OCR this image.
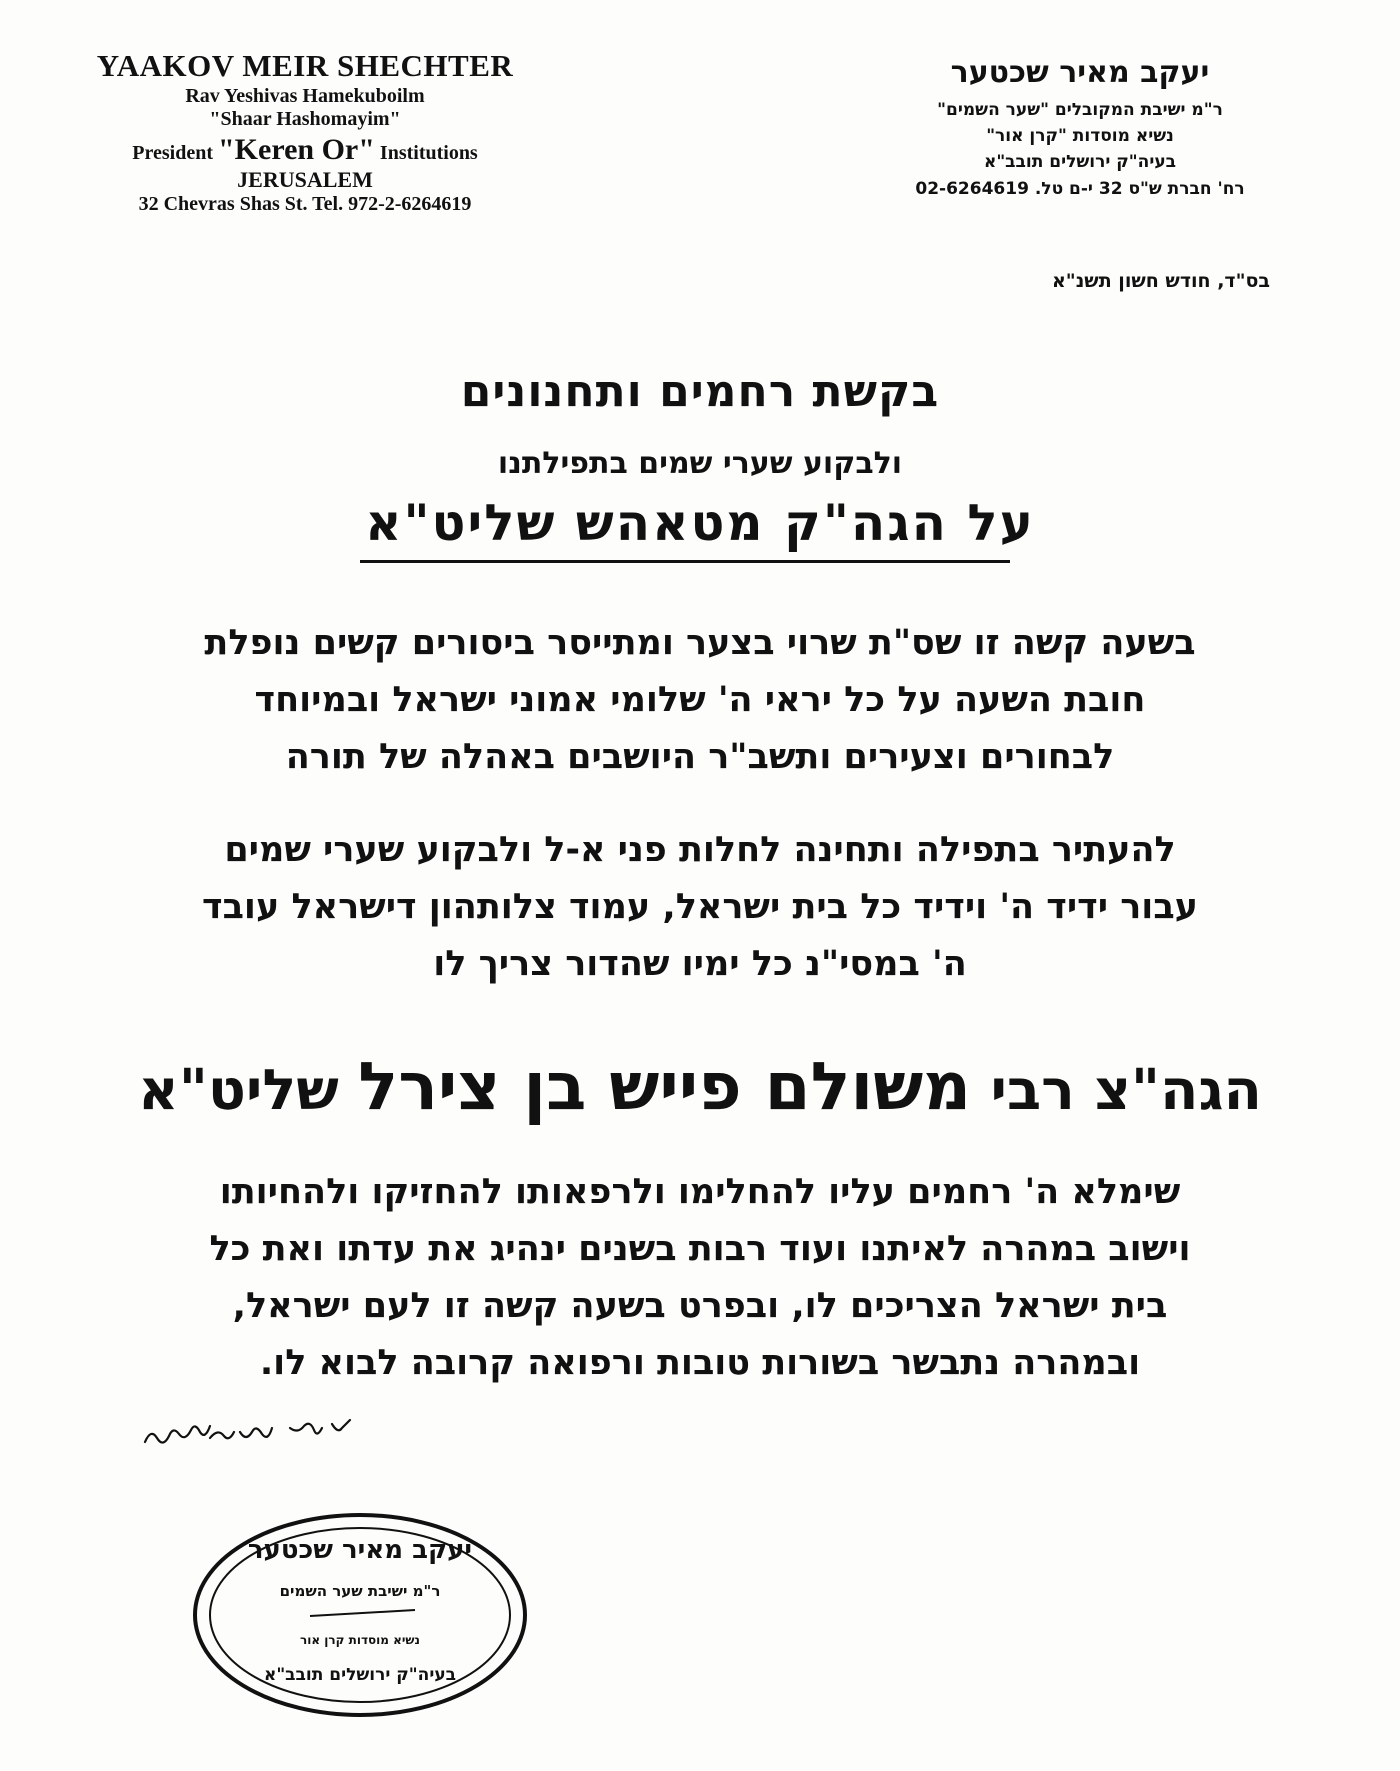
YAAKOV MEIR SHECHTER
Rav Yeshivas Hamekuboilm
"Shaar Hashomayim"
President "Keren Or" Institutions
JERUSALEM
32 Chevras Shas St. Tel. 972-2-6264619
יעקב מאיר שכטער
ר"מ ישיבת המקובלים "שער השמים"
נשיא מוסדות "קרן אור"
בעיה"ק ירושלים תובב"א
רח' חברת ש"ס 32 י-ם טל. 02-6264619
בס"ד, חודש חשון תשנ"א
בקשת רחמים ותחנונים
ולבקוע שערי שמים בתפילתנו
על הגה"ק מטאהש שליט"א
בשעה קשה זו שס"ת שרוי בצער ומתייסר ביסורים קשים נופלת
חובת השעה על כל יראי ה' שלומי אמוני ישראל ובמיוחד
לבחורים וצעירים ותשב"ר היושבים באהלה של תורה
להעתיר בתפילה ותחינה לחלות פני א-ל ולבקוע שערי שמים
עבור ידיד ה' וידיד כל בית ישראל, עמוד צלותהון דישראל עובד
ה' במסי"נ כל ימיו שהדור צריך לו
הגה"צ רבי משולם פייש בן צירל שליט"א
שימלא ה' רחמים עליו להחלימו ולרפאותו להחזיקו ולהחיותו
וישוב במהרה לאיתנו ועוד רבות בשנים ינהיג את עדתו ואת כל
בית ישראל הצריכים לו, ובפרט בשעה קשה זו לעם ישראל,
ובמהרה נתבשר בשורות טובות ורפואה קרובה לבוא לו.
יעקב מאיר שכטער
ר"מ ישיבת שער השמים
נשיא מוסדות קרן אור
בעיה"ק ירושלים תובב"א
